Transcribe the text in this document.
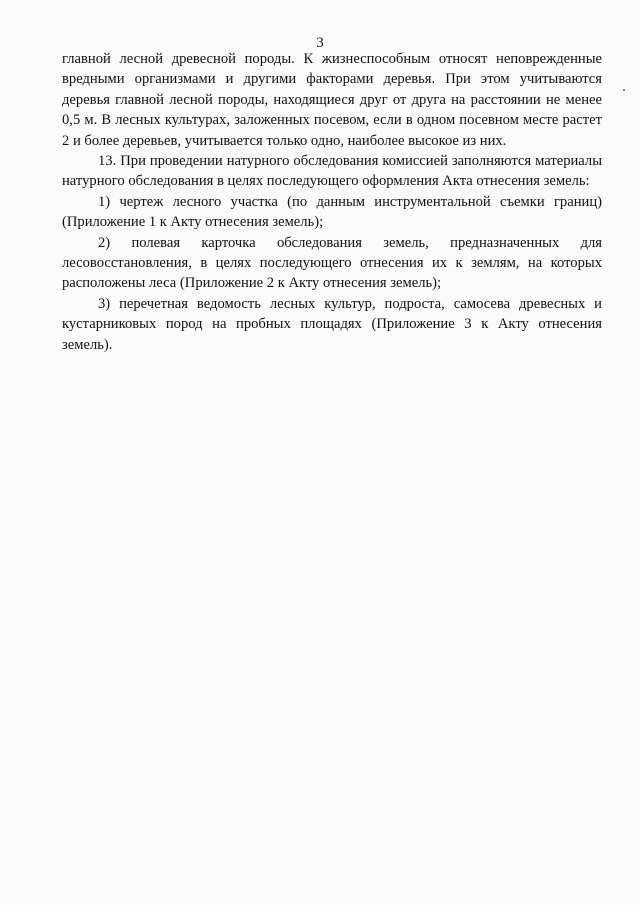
3

главной лесной древесной породы. К жизнеспособным относят неповрежденные вредными организмами и другими факторами деревья. При этом учитываются деревья главной лесной породы, находящиеся друг от друга на расстоянии не менее 0,5 м. В лесных культурах, заложенных посевом, если в одном посевном месте растет 2 и более деревьев, учитывается только одно, наиболее высокое из них.

13. При проведении натурного обследования комиссией заполняются материалы натурного обследования в целях последующего оформления Акта отнесения земель:

1) чертеж лесного участка (по данным инструментальной съемки границ) (Приложение 1 к Акту отнесения земель);

2) полевая карточка обследования земель, предназначенных для лесовосстановления, в целях последующего отнесения их к землям, на которых расположены леса (Приложение 2 к Акту отнесения земель);

3) перечетная ведомость лесных культур, подроста, самосева древесных и кустарниковых пород на пробных площадях (Приложение 3 к Акту отнесения земель).
